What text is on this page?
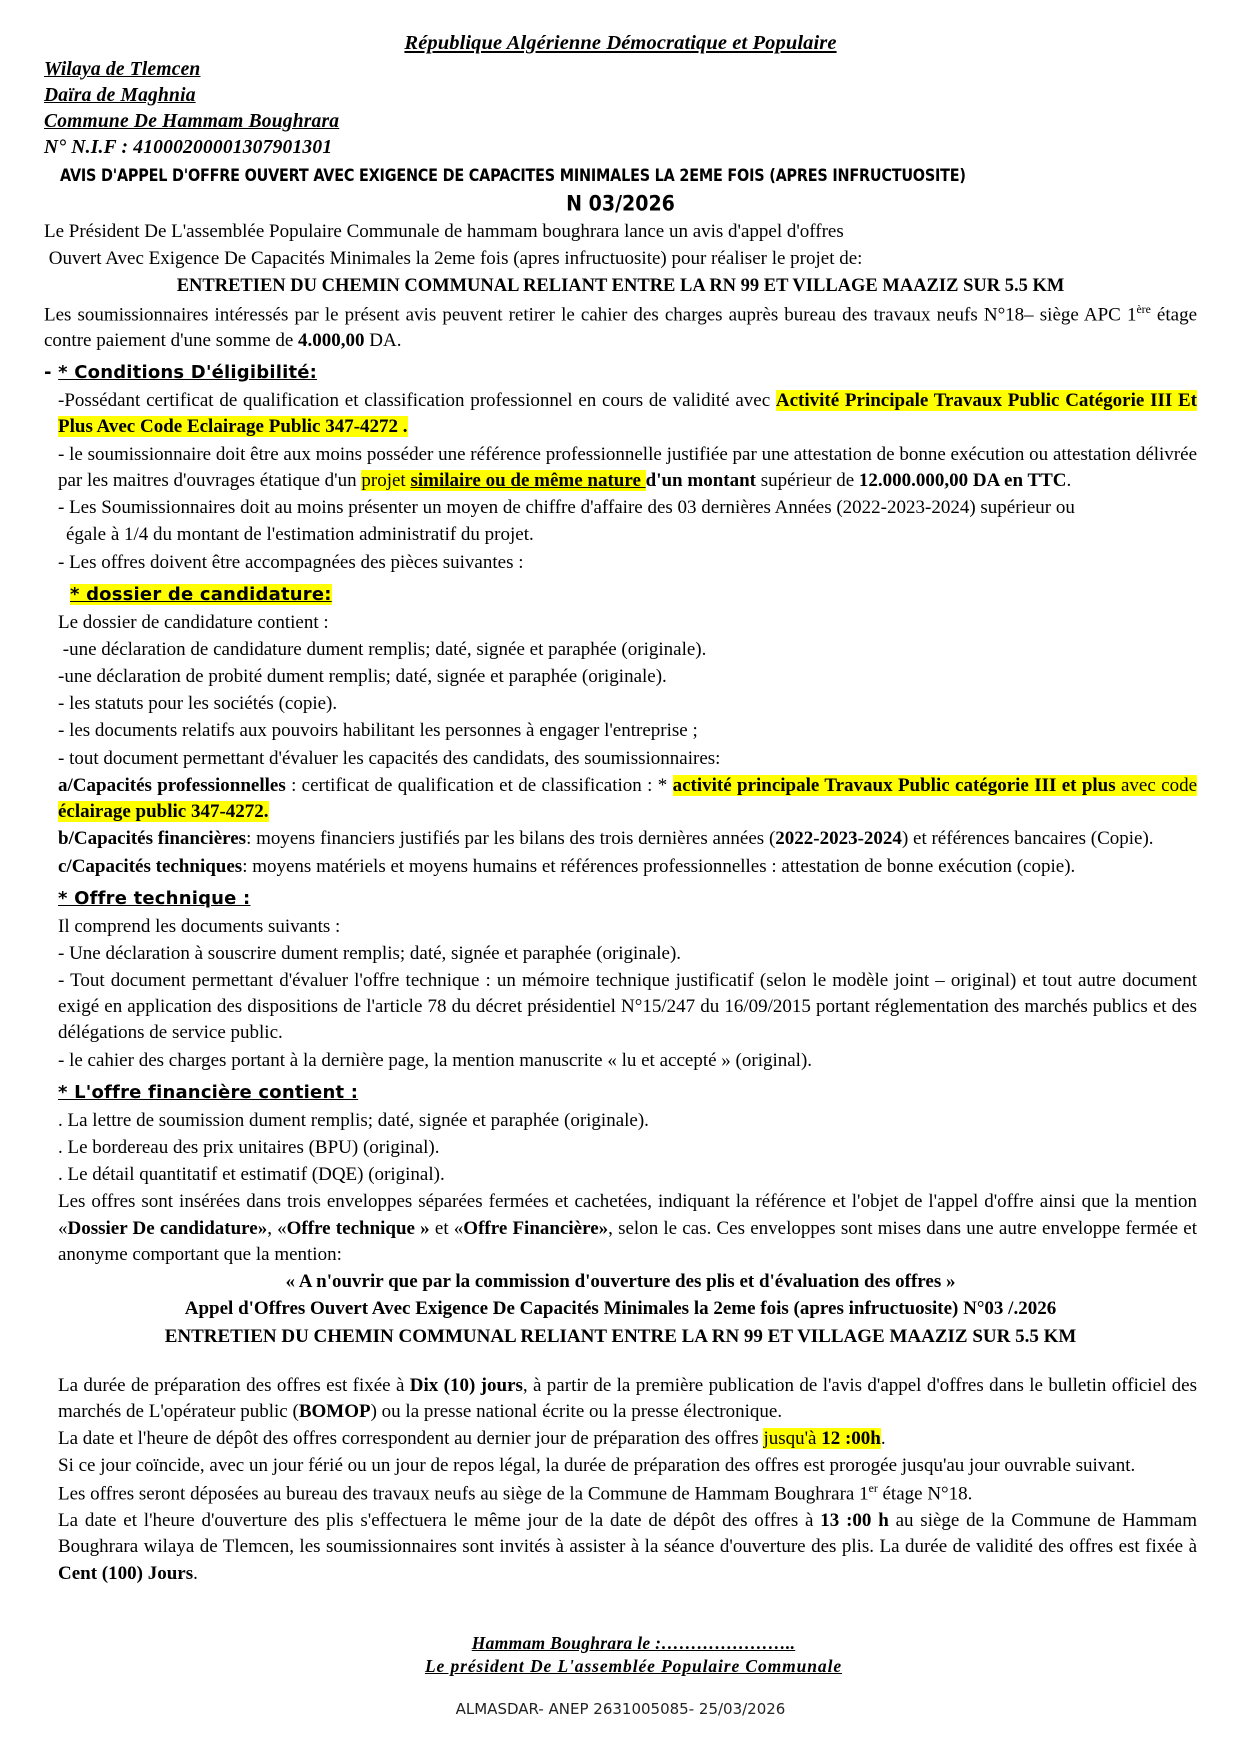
République Algérienne Démocratique et Populaire
Wilaya de Tlemcen
Daïra de Maghnia
Commune De Hammam Boughrara
N° N.I.F : 41000200001307901301
AVIS D'APPEL D'OFFRE OUVERT AVEC EXIGENCE DE CAPACITES MINIMALES LA 2EME FOIS (APRES INFRUCTUOSITE)
N 03/2026

Le Président De L'assemblée Populaire Communale de hammam boughrara lance un avis d'appel d'offres

Ouvert Avec Exigence De Capacités Minimales la 2eme fois (apres infructuosite) pour réaliser le projet de:

ENTRETIEN DU CHEMIN COMMUNAL RELIANT ENTRE LA RN 99 ET VILLAGE MAAZIZ SUR 5.5 KM

Les soumissionnaires intéressés par le présent avis peuvent retirer le cahier des charges auprès bureau des travaux neufs N°18– siège APC 1ère étage contre paiement d'une somme de 4.000,00 DA.

- * Conditions D'éligibilité:

-Possédant certificat de qualification et classification professionnel en cours de validité avec Activité Principale Travaux Public Catégorie III Et Plus Avec Code Eclairage Public 347-4272 .

- le soumissionnaire doit être aux moins posséder une référence professionnelle justifiée par une attestation de bonne exécution ou attestation délivrée par les maitres d'ouvrages étatique d'un projet similaire ou de même nature d'un montant supérieur de 12.000.000,00 DA en TTC.

- Les Soumissionnaires doit au moins présenter un moyen de chiffre d'affaire des 03 dernières Années (2022-2023-2024) supérieur ou

égale à 1/4 du montant de l'estimation administratif du projet.

- Les offres doivent être accompagnées des pièces suivantes :

* dossier de candidature:

Le dossier de candidature contient :

-une déclaration de candidature dument remplis; daté, signée et paraphée (originale).

-une déclaration de probité dument remplis; daté, signée et paraphée (originale).

- les statuts pour les sociétés (copie).

- les documents relatifs aux pouvoirs habilitant les personnes à engager l'entreprise ;

- tout document permettant d'évaluer les capacités des candidats, des soumissionnaires:

a/Capacités professionnelles : certificat de qualification et de classification : * activité principale Travaux Public catégorie III et plus avec code éclairage public 347-4272.

b/Capacités financières: moyens financiers justifiés par les bilans des trois dernières années (2022-2023-2024) et références bancaires (Copie).

c/Capacités techniques: moyens matériels et moyens humains et références professionnelles : attestation de bonne exécution (copie).

* Offre technique :

Il comprend les documents suivants :

- Une déclaration à souscrire dument remplis; daté, signée et paraphée (originale).

- Tout document permettant d'évaluer l'offre technique : un mémoire technique justificatif (selon le modèle joint – original) et tout autre document exigé en application des dispositions de l'article 78 du décret présidentiel N°15/247 du 16/09/2015 portant réglementation des marchés publics et des délégations de service public.

- le cahier des charges portant à la dernière page, la mention manuscrite « lu et accepté » (original).

* L'offre financière contient :

. La lettre de soumission dument remplis; daté, signée et paraphée (originale).

. Le bordereau des prix unitaires (BPU) (original).

. Le détail quantitatif et estimatif (DQE) (original).

Les offres sont insérées dans trois enveloppes séparées fermées et cachetées, indiquant la référence et l'objet de l'appel d'offre ainsi que la mention «Dossier De candidature», «Offre technique » et «Offre Financière», selon le cas. Ces enveloppes sont mises dans une autre enveloppe fermée et anonyme comportant que la mention:

« A n'ouvrir que par la commission d'ouverture des plis et d'évaluation des offres »

Appel d'Offres Ouvert Avec Exigence De Capacités Minimales la 2eme fois (apres infructuosite) N°03 /.2026

ENTRETIEN DU CHEMIN COMMUNAL RELIANT ENTRE LA RN 99 ET VILLAGE MAAZIZ SUR 5.5 KM

La durée de préparation des offres est fixée à Dix (10) jours, à partir de la première publication de l'avis d'appel d'offres dans le bulletin officiel des marchés de L'opérateur public (BOMOP) ou la presse national écrite ou la presse électronique.

La date et l'heure de dépôt des offres correspondent au dernier jour de préparation des offres jusqu'à 12 :00h.

Si ce jour coïncide, avec un jour férié ou un jour de repos légal, la durée de préparation des offres est prorogée jusqu'au jour ouvrable suivant.

Les offres seront déposées au bureau des travaux neufs au siège de la Commune de Hammam Boughrara 1er étage N°18.

La date et l'heure d'ouverture des plis s'effectuera le même jour de la date de dépôt des offres à 13 :00 h au siège de la Commune de Hammam Boughrara wilaya de Tlemcen, les soumissionnaires sont invités à assister à la séance d'ouverture des plis. La durée de validité des offres est fixée à Cent (100) Jours.

Hammam Boughrara le :…………………..
Le président De L'assemblée Populaire Communale
ALMASDAR- ANEP 2631005085- 25/03/2026
